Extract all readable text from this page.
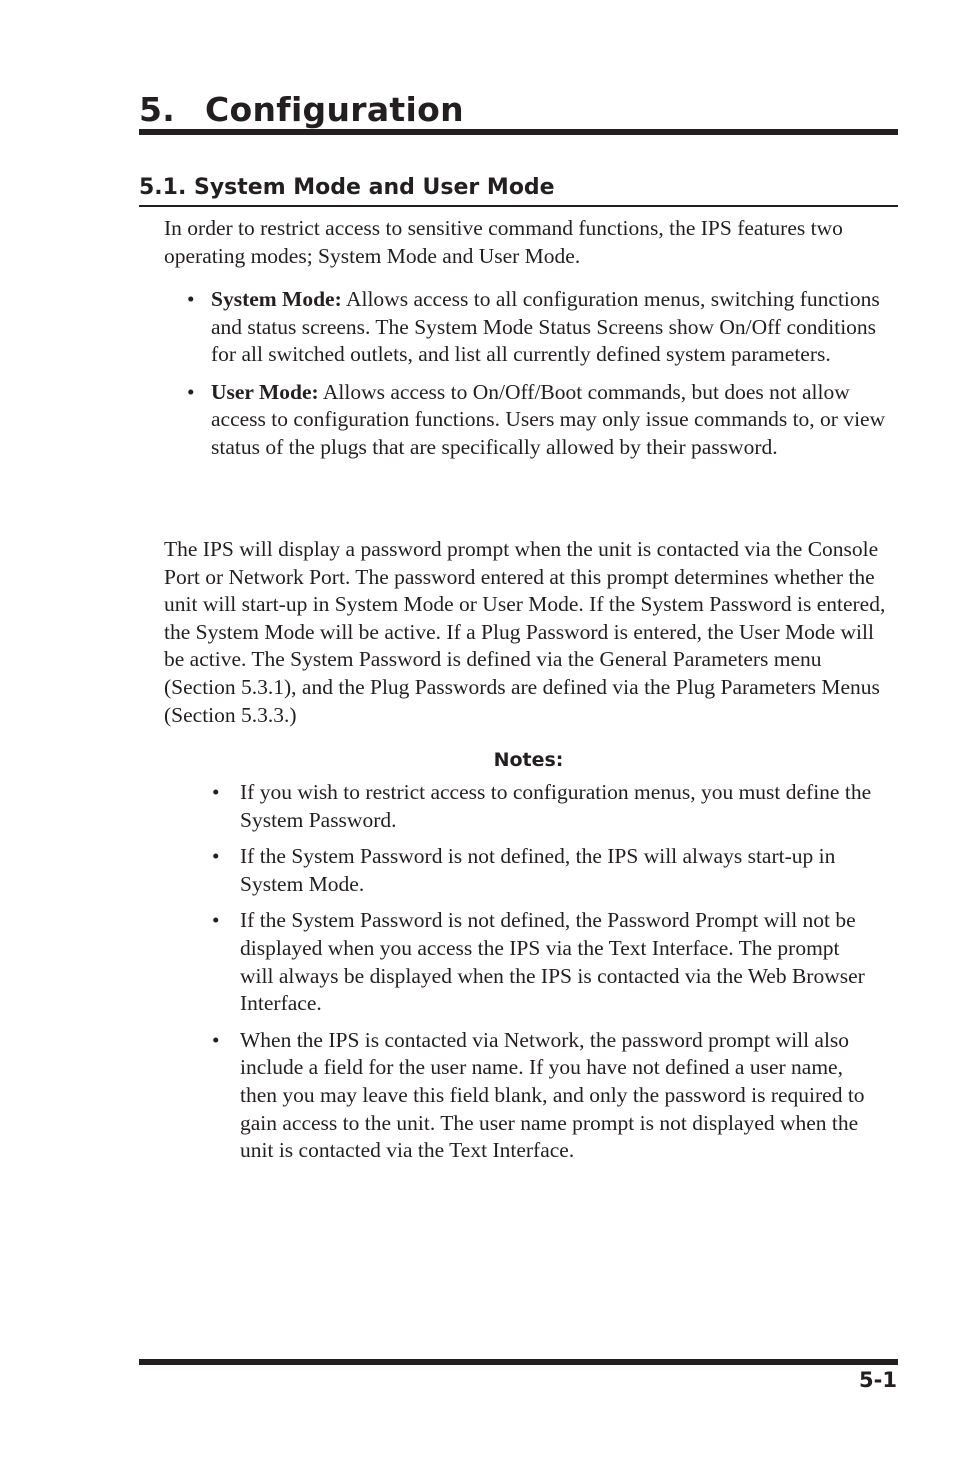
5. Configuration
5.1. System Mode and User Mode

In order to restrict access to sensitive command functions, the IPS features two operating modes; System Mode and User Mode.

• System Mode: Allows access to all configuration menus, switching functions and status screens. The System Mode Status Screens show On/Off conditions for all switched outlets, and list all currently defined system parameters.
• User Mode: Allows access to On/Off/Boot commands, but does not allow access to configuration functions. Users may only issue commands to, or view status of the plugs that are specifically allowed by their password.

The IPS will display a password prompt when the unit is contacted via the Console Port or Network Port. The password entered at this prompt determines whether the unit will start-up in System Mode or User Mode. If the System Password is entered, the System Mode will be active. If a Plug Password is entered, the User Mode will be active. The System Password is defined via the General Parameters menu (Section 5.3.1), and the Plug Passwords are defined via the Plug Parameters Menus (Section 5.3.3.)

Notes:
• If you wish to restrict access to configuration menus, you must define the System Password.
• If the System Password is not defined, the IPS will always start-up in System Mode.
• If the System Password is not defined, the Password Prompt will not be displayed when you access the IPS via the Text Interface. The prompt will always be displayed when the IPS is contacted via the Web Browser Interface.
• When the IPS is contacted via Network, the password prompt will also include a field for the user name. If you have not defined a user name, then you may leave this field blank, and only the password is required to gain access to the unit. The user name prompt is not displayed when the unit is contacted via the Text Interface.
5-1
